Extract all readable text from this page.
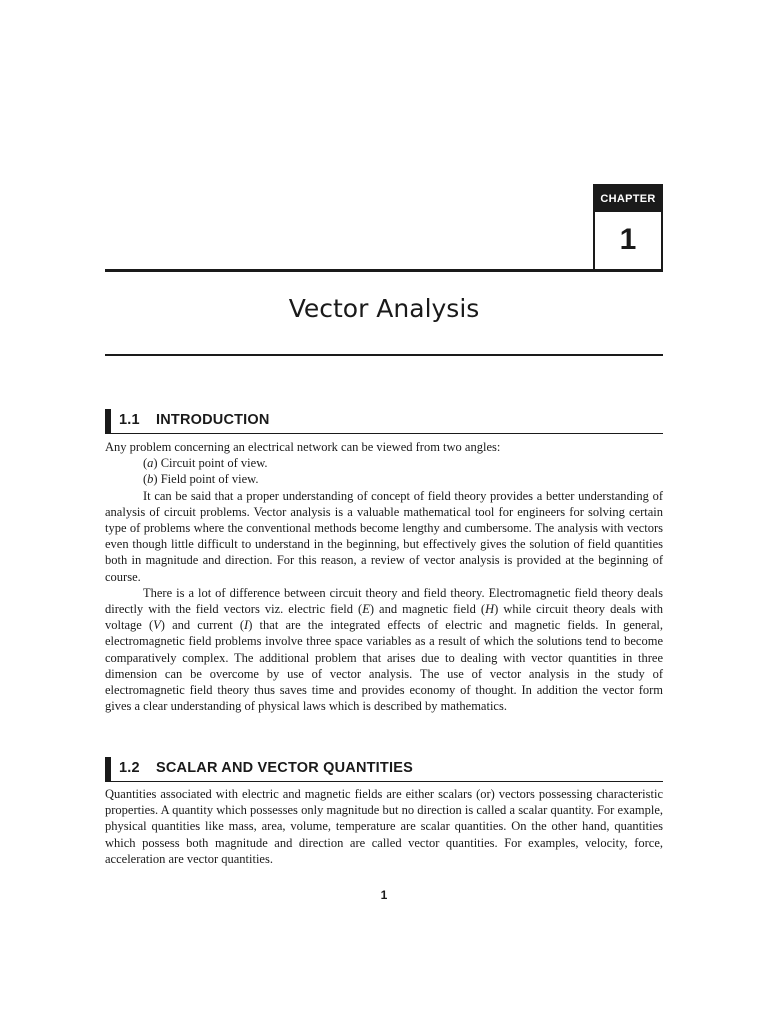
CHAPTER
1
Vector Analysis
1.1 INTRODUCTION

Any problem concerning an electrical network can be viewed from two angles:

(a) Circuit point of view.

(b) Field point of view.

It can be said that a proper understanding of concept of field theory provides a better understanding of analysis of circuit problems. Vector analysis is a valuable mathematical tool for engineers for solving certain type of problems where the conventional methods become lengthy and cumbersome. The analysis with vectors even though little difficult to understand in the beginning, but effectively gives the solution of field quantities both in magnitude and direction. For this reason, a review of vector analysis is provided at the beginning of course.

There is a lot of difference between circuit theory and field theory. Electromagnetic field theory deals directly with the field vectors viz. electric field (E) and magnetic field (H) while circuit theory deals with voltage (V) and current (I) that are the integrated effects of electric and magnetic fields. In general, electromagnetic field problems involve three space variables as a result of which the solutions tend to become comparatively complex. The additional problem that arises due to dealing with vector quantities in three dimension can be overcome by use of vector analysis. The use of vector analysis in the study of electromagnetic field theory thus saves time and provides economy of thought. In addition the vector form gives a clear understanding of physical laws which is described by mathematics.

1.2 SCALAR AND VECTOR QUANTITIES

Quantities associated with electric and magnetic fields are either scalars (or) vectors possessing characteristic properties. A quantity which possesses only magnitude but no direction is called a scalar quantity. For example, physical quantities like mass, area, volume, temperature are scalar quantities. On the other hand, quantities which possess both magnitude and direction are called vector quantities. For examples, velocity, force, acceleration are vector quantities.

1
